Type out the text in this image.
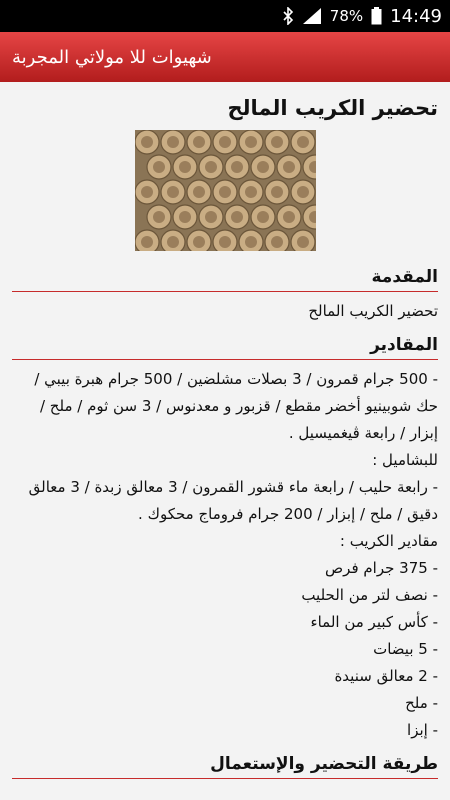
78% 14:49
شهيوات للا مولاتي المجربة
تحضير الكريب المالح
المقدمة
تحضير الكريب المالح
المقادير
- 500 جرام قمرون / 3 بصلات مشلضين / 500 جرام هبرة بيبي /
حك شوبينيو أخضر مقطع / قزبور و معدنوس / 3 سن ثوم / ملح /
إبزار / رابعة ڤيغميسيل .
للبشاميل :
- رابعة حليب / رابعة ماء قشور القمرون / 3 معالق زبدة / 3 معالق
دقيق / ملح / إبزار / 200 جرام فروماج محكوك .
مقادير الكريب :
- 375 جرام فرص
- نصف لتر من الحليب
- كأس كبير من الماء
- 5 بيضات
- 2 معالق سنيدة
- ملح
- إبزا
طريقة التحضير والإستعمال
